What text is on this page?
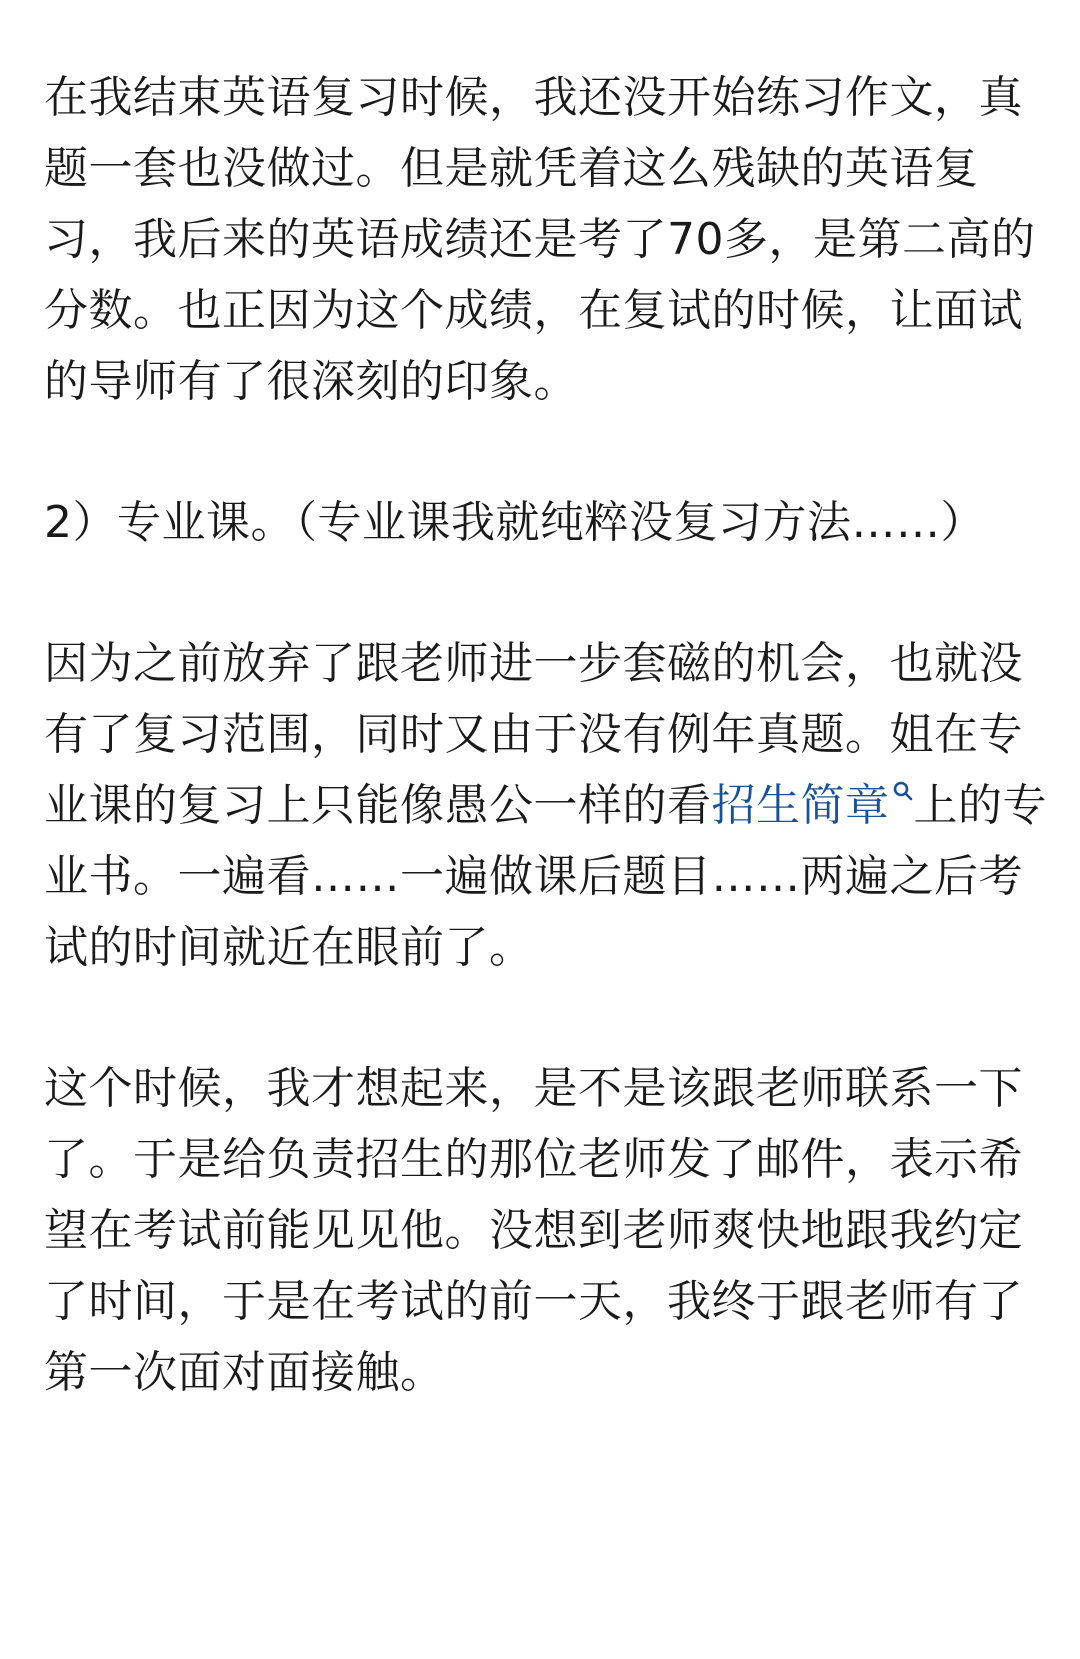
在我结束英语复习时候，我还没开始练习作文，真题一套也没做过。但是就凭着这么残缺的英语复习，我后来的英语成绩还是考了70多，是第二高的分数。也正因为这个成绩，在复试的时候，让面试的导师有了很深刻的印象。

2）专业课。（专业课我就纯粹没复习方法……）

因为之前放弃了跟老师进一步套磁的机会，也就没有了复习范围，同时又由于没有例年真题。姐在专业课的复习上只能像愚公一样的看招生简章 上的专业书。一遍看……一遍做课后题目……两遍之后考试的时间就近在眼前了。

这个时候，我才想起来，是不是该跟老师联系一下了。于是给负责招生的那位老师发了邮件，表示希望在考试前能见见他。没想到老师爽快地跟我约定了时间，于是在考试的前一天，我终于跟老师有了第一次面对面接触。
